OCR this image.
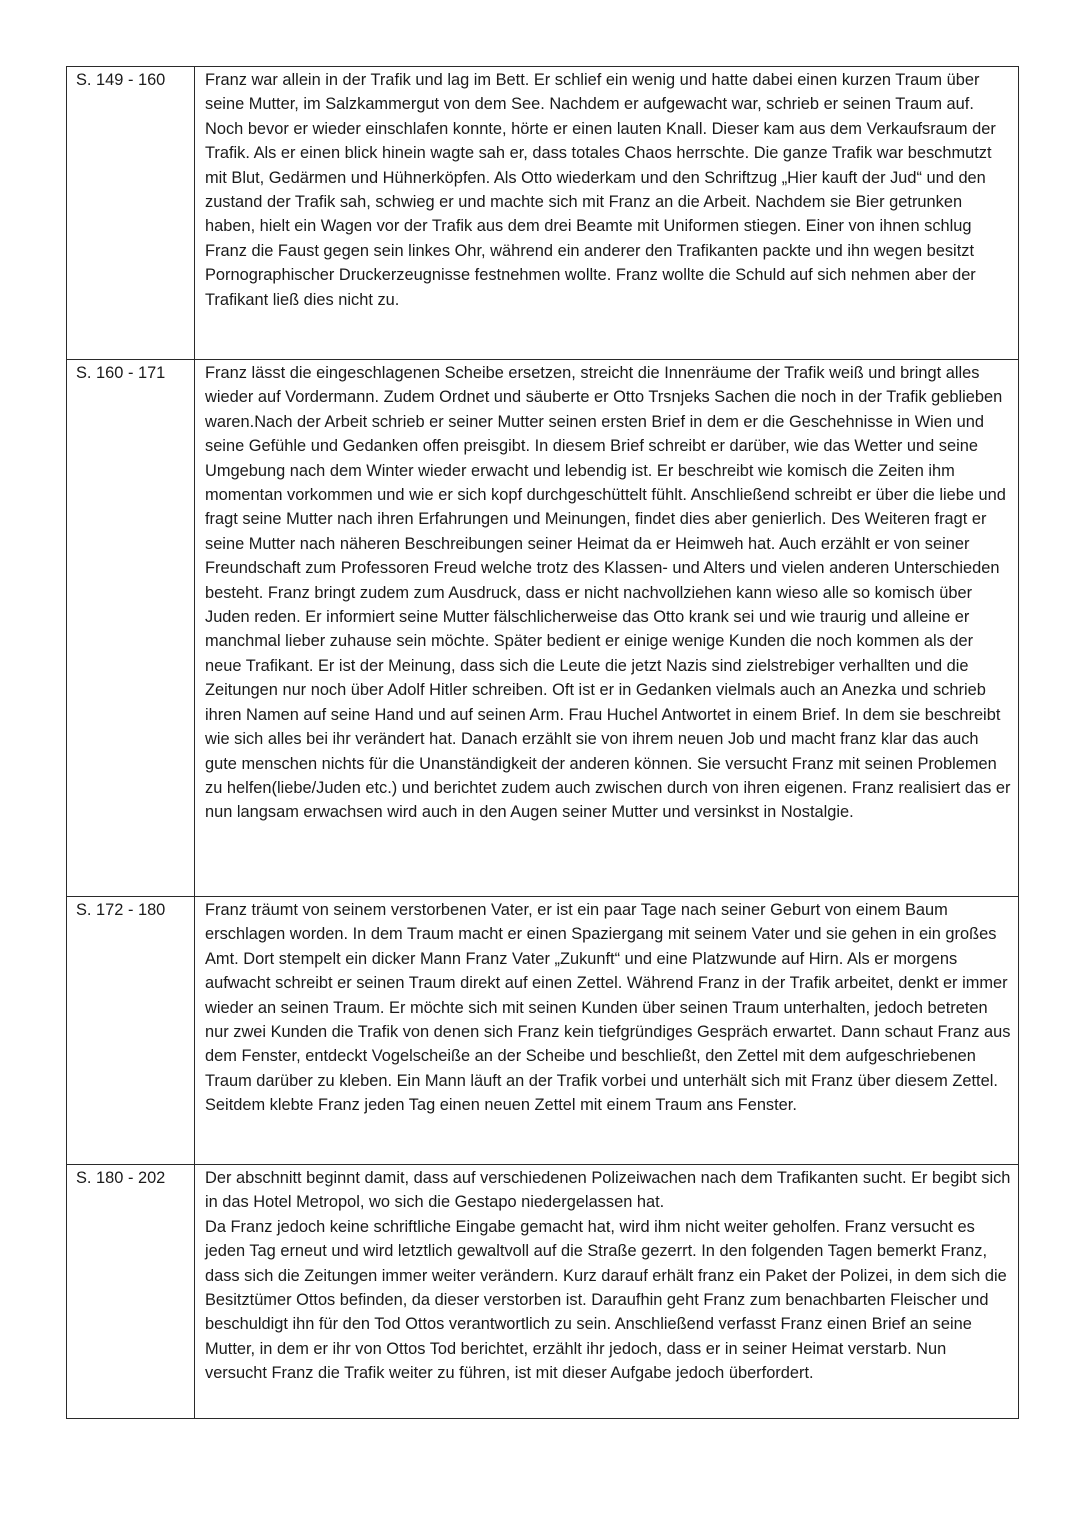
S. 149 - 160	Franz war allein in der Trafik und lag im Bett. Er schlief ein wenig und hatte dabei einen kurzen Traum über seine Mutter, im Salzkammergut von dem See. Nachdem er aufgewacht war, schrieb er seinen Traum auf. Noch bevor er wieder einschlafen konnte, hörte er einen lauten Knall. Dieser kam aus dem Verkaufsraum der Trafik. Als er einen blick hinein wagte sah er, dass totales Chaos herrschte. Die ganze Trafik war beschmutzt mit Blut, Gedärmen und Hühnerköpfen. Als Otto wiederkam und den Schriftzug „Hier kauft der Jud“ und den zustand der Trafik sah, schwieg er und machte sich mit Franz an die Arbeit. Nachdem sie Bier getrunken haben, hielt ein Wagen vor der Trafik aus dem drei Beamte mit Uniformen stiegen. Einer von ihnen schlug Franz die Faust gegen sein linkes Ohr, während ein anderer den Trafikanten packte und ihn wegen besitzt Pornographischer Druckerzeugnisse festnehmen wollte. Franz wollte die Schuld auf sich nehmen aber der Trafikant ließ dies nicht zu.

S. 160 - 171	Franz lässt die eingeschlagenen Scheibe ersetzen, streicht die Innenräume der Trafik weiß und bringt alles wieder auf Vordermann. Zudem Ordnet und säuberte er Otto Trsnjeks Sachen die noch in der Trafik geblieben waren.Nach der Arbeit schrieb er seiner Mutter seinen ersten Brief in dem er die Geschehnisse in Wien und seine Gefühle und Gedanken offen preisgibt. In diesem Brief schreibt er darüber, wie das Wetter und seine Umgebung nach dem Winter wieder erwacht und lebendig ist. Er beschreibt wie komisch die Zeiten ihm momentan vorkommen und wie er sich kopf durchgeschüttelt fühlt. Anschließend schreibt er über die liebe und fragt seine Mutter nach ihren Erfahrungen und Meinungen, findet dies aber genierlich. Des Weiteren fragt er seine Mutter nach näheren Beschreibungen seiner Heimat da er Heimweh hat. Auch erzählt er von seiner Freundschaft zum Professoren Freud welche trotz des Klassen- und Alters und vielen anderen Unterschieden besteht. Franz bringt zudem zum Ausdruck, dass er nicht nachvollziehen kann wieso alle so komisch über Juden reden. Er informiert seine Mutter fälschlicherweise das Otto krank sei und wie traurig und alleine er manchmal lieber zuhause sein möchte. Später bedient er einige wenige Kunden die noch kommen als der neue Trafikant. Er ist der Meinung, dass sich die Leute die jetzt Nazis sind zielstrebiger verhallten und die Zeitungen nur noch über Adolf Hitler schreiben. Oft ist er in Gedanken vielmals auch an Anezka und schrieb ihren Namen auf seine Hand und auf seinen Arm. Frau Huchel Antwortet in einem Brief. In dem sie beschreibt wie sich alles bei ihr verändert hat. Danach erzählt sie von ihrem neuen Job und macht franz klar das auch gute menschen nichts für die Unanständigkeit der anderen können. Sie versucht Franz mit seinen Problemen zu helfen(liebe/Juden etc.) und berichtet zudem auch zwischen durch von ihren eigenen. Franz realisiert das er nun langsam erwachsen wird auch in den Augen seiner Mutter und versinkst in Nostalgie.

S. 172 - 180	Franz träumt von seinem verstorbenen Vater, er ist ein paar Tage nach seiner Geburt von einem Baum erschlagen worden. In dem Traum macht er einen Spaziergang mit seinem Vater und sie gehen in ein großes Amt. Dort stempelt ein dicker Mann Franz Vater „Zukunft“ und eine Platzwunde auf Hirn. Als er morgens aufwacht schreibt er seinen Traum direkt auf einen Zettel. Während Franz in der Trafik arbeitet, denkt er immer wieder an seinen Traum. Er möchte sich mit seinen Kunden über seinen Traum unterhalten, jedoch betreten nur zwei Kunden die Trafik von denen sich Franz kein tiefgründiges Gespräch erwartet. Dann schaut Franz aus dem Fenster, entdeckt Vogelscheiße an der Scheibe und beschließt, den Zettel mit dem aufgeschriebenen Traum darüber zu kleben. Ein Mann läuft an der Trafik vorbei und unterhält sich mit Franz über diesem Zettel. Seitdem klebte Franz jeden Tag einen neuen Zettel mit einem Traum ans Fenster.

S. 180 - 202	Der abschnitt beginnt damit, dass auf verschiedenen Polizeiwachen nach dem Trafikanten sucht. Er begibt sich in das Hotel Metropol, wo sich die Gestapo niedergelassen hat.

Da Franz jedoch keine schriftliche Eingabe gemacht hat, wird ihm nicht weiter geholfen. Franz versucht es jeden Tag erneut und wird letztlich gewaltvoll auf die Straße gezerrt. In den folgenden Tagen bemerkt Franz, dass sich die Zeitungen immer weiter verändern. Kurz darauf erhält franz ein Paket der Polizei, in dem sich die Besitztümer Ottos befinden, da dieser verstorben ist. Daraufhin geht Franz zum benachbarten Fleischer und beschuldigt ihn für den Tod Ottos verantwortlich zu sein. Anschließend verfasst Franz einen Brief an seine Mutter, in dem er ihr von Ottos Tod berichtet, erzählt ihr jedoch, dass er in seiner Heimat verstarb. Nun versucht Franz die Trafik weiter zu führen, ist mit dieser Aufgabe jedoch überfordert.
